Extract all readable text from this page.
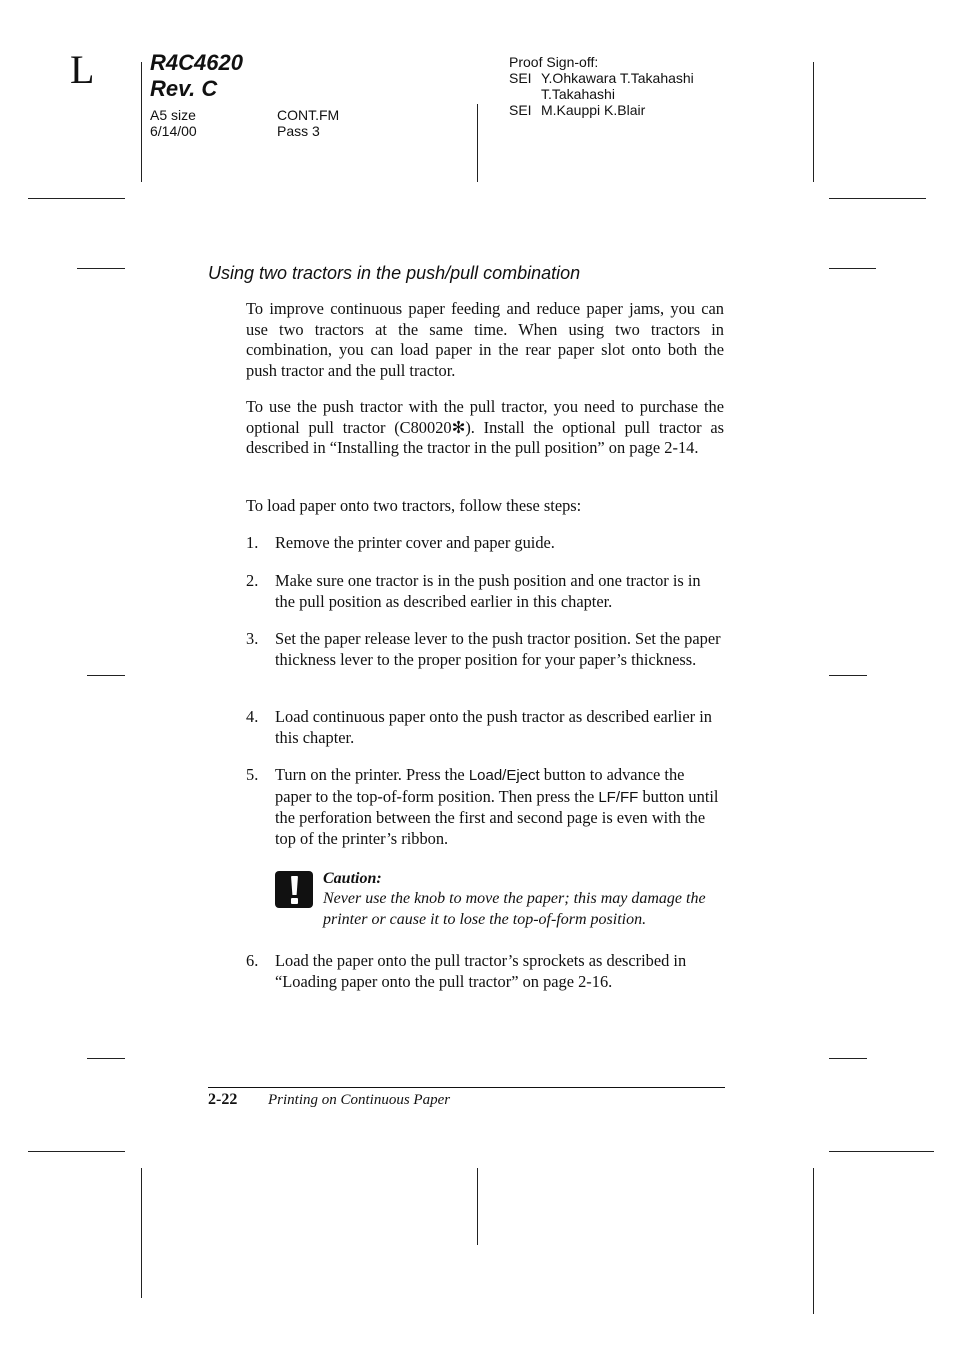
L	R4C4620
Rev. C
A5 size
6/14/00
CONT.FM
Pass 3
Proof Sign-off:
SEI Y.Ohkawara T.Takahashi
T.Takahashi
SEI M.Kauppi K.Blair
Using two tractors in the push/pull combination
To improve continuous paper feeding and reduce paper jams, you can use two tractors at the same time. When using two tractors in combination, you can load paper in the rear paper slot onto both the push tractor and the pull tractor.
To use the push tractor with the pull tractor, you need to purchase the optional pull tractor (C80020✻). Install the optional pull tractor as described in “Installing the tractor in the pull position” on page 2-14.
To load paper onto two tractors, follow these steps:
1.	Remove the printer cover and paper guide.
2.	Make sure one tractor is in the push position and one tractor is in the pull position as described earlier in this chapter.
3.	Set the paper release lever to the push tractor position. Set the paper thickness lever to the proper position for your paper’s thickness.
4.	Load continuous paper onto the push tractor as described earlier in this chapter.
5.	Turn on the printer. Press the Load/Eject button to advance the paper to the top-of-form position. Then press the LF/FF button until the perforation between the first and second page is even with the top of the printer’s ribbon.
Caution:
Never use the knob to move the paper; this may damage the printer or cause it to lose the top-of-form position.
6.	Load the paper onto the pull tractor’s sprockets as described in “Loading paper onto the pull tractor” on page 2-16.
2-22 Printing on Continuous Paper
